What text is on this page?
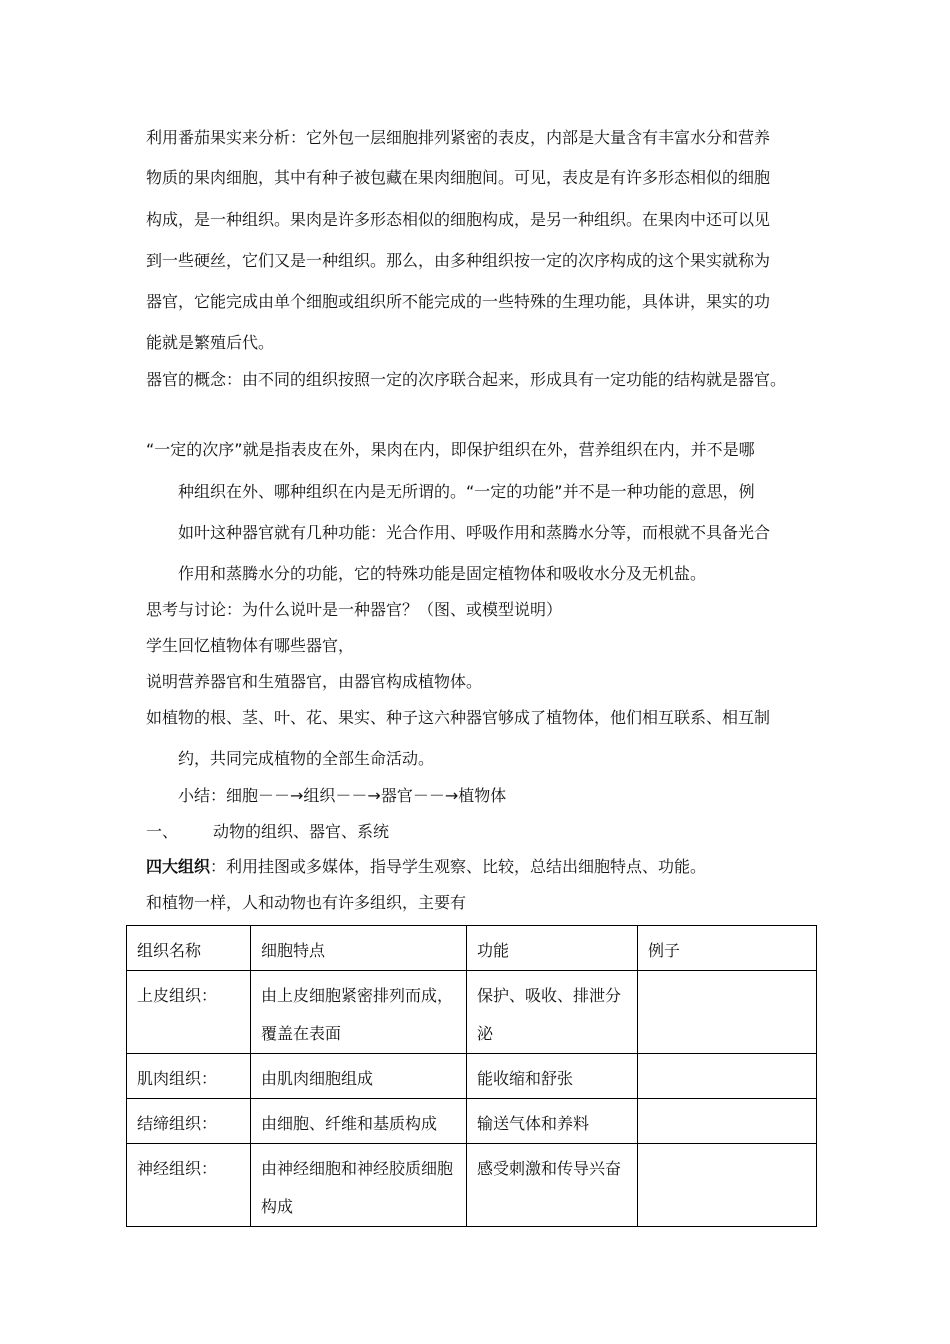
利用番茄果实来分析：它外包一层细胞排列紧密的表皮，内部是大量含有丰富水分和营养
物质的果肉细胞，其中有种子被包藏在果肉细胞间。可见，表皮是有许多形态相似的细胞
构成，是一种组织。果肉是许多形态相似的细胞构成，是另一种组织。在果肉中还可以见
到一些硬丝，它们又是一种组织。那么，由多种组织按一定的次序构成的这个果实就称为
器官，它能完成由单个细胞或组织所不能完成的一些特殊的生理功能，具体讲，果实的功
能就是繁殖后代。
器官的概念：由不同的组织按照一定的次序联合起来，形成具有一定功能的结构就是器官。
“一定的次序”就是指表皮在外，果肉在内，即保护组织在外，营养组织在内，并不是哪
种组织在外、哪种组织在内是无所谓的。“一定的功能”并不是一种功能的意思，例
如叶这种器官就有几种功能：光合作用、呼吸作用和蒸腾水分等，而根就不具备光合
作用和蒸腾水分的功能，它的特殊功能是固定植物体和吸收水分及无机盐。
思考与讨论：为什么说叶是一种器官？（图、或模型说明）
学生回忆植物体有哪些器官，
说明营养器官和生殖器官，由器官构成植物体。
如植物的根、茎、叶、花、果实、种子这六种器官够成了植物体，他们相互联系、相互制
约，共同完成植物的全部生命活动。
小结：细胞－－→组织－－→器官－－→植物体
一、 动物的组织、器官、系统
四大组织：利用挂图或多媒体，指导学生观察、比较，总结出细胞特点、功能。
和植物一样，人和动物也有许多组织，主要有
组织名称	细胞特点	功能	例子

上皮组织：	由上皮细胞紧密排列而成，覆盖在表面	保护、吸收、排泄分泌	

肌肉组织：	由肌肉细胞组成	能收缩和舒张	

结缔组织：	由细胞、纤维和基质构成	输送气体和养料	

神经组织：	由神经细胞和神经胶质细胞构成	感受刺激和传导兴奋	
